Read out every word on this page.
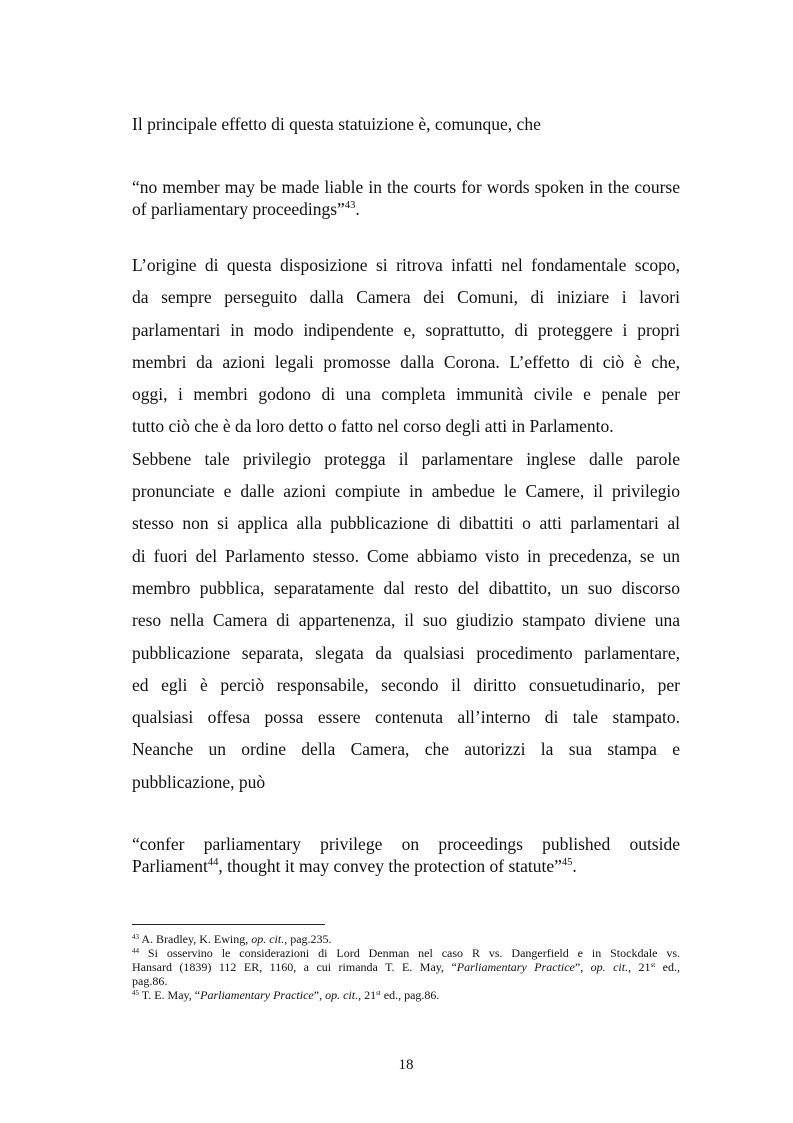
Il principale effetto di questa statuizione è, comunque, che

“no member may be made liable in the courts for words spoken in the course of parliamentary proceedings”$^{43}$.

L’origine di questa disposizione si ritrova infatti nel fondamentale scopo,
da sempre perseguito dalla Camera dei Comuni, di iniziare i lavori
parlamentari in modo indipendente e, soprattutto, di proteggere i propri
membri da azioni legali promosse dalla Corona. L’effetto di ciò è che,
oggi, i membri godono di una completa immunità civile e penale per
tutto ciò che è da loro detto o fatto nel corso degli atti in Parlamento.
Sebbene tale privilegio protegga il parlamentare inglese dalle parole
pronunciate e dalle azioni compiute in ambedue le Camere, il privilegio
stesso non si applica alla pubblicazione di dibattiti o atti parlamentari al
di fuori del Parlamento stesso. Come abbiamo visto in precedenza, se un
membro pubblica, separatamente dal resto del dibattito, un suo discorso
reso nella Camera di appartenenza, il suo giudizio stampato diviene una
pubblicazione separata, slegata da qualsiasi procedimento parlamentare,
ed egli è perciò responsabile, secondo il diritto consuetudinario, per
qualsiasi offesa possa essere contenuta all’interno di tale stampato.
Neanche un ordine della Camera, che autorizzi la sua stampa e
pubblicazione, può
“confer parliamentary privilege on proceedings published outside
Parliament$^{44}$, thought it may convey the protection of statute”$^{45}$.
$^{43}$ A. Bradley, K. Ewing, op. cit., pag.235.
$^{44}$ Si osservino le considerazioni di Lord Denman nel caso R vs. Dangerfield e in Stockdale vs.
Hansard (1839) 112 ER, 1160, a cui rimanda T. E. May, “Parliamentary Practice”, op. cit., 21st ed.,
pag.86.
$^{45}$ T. E. May, “Parliamentary Practice”, op. cit., 21st ed., pag.86.
18
